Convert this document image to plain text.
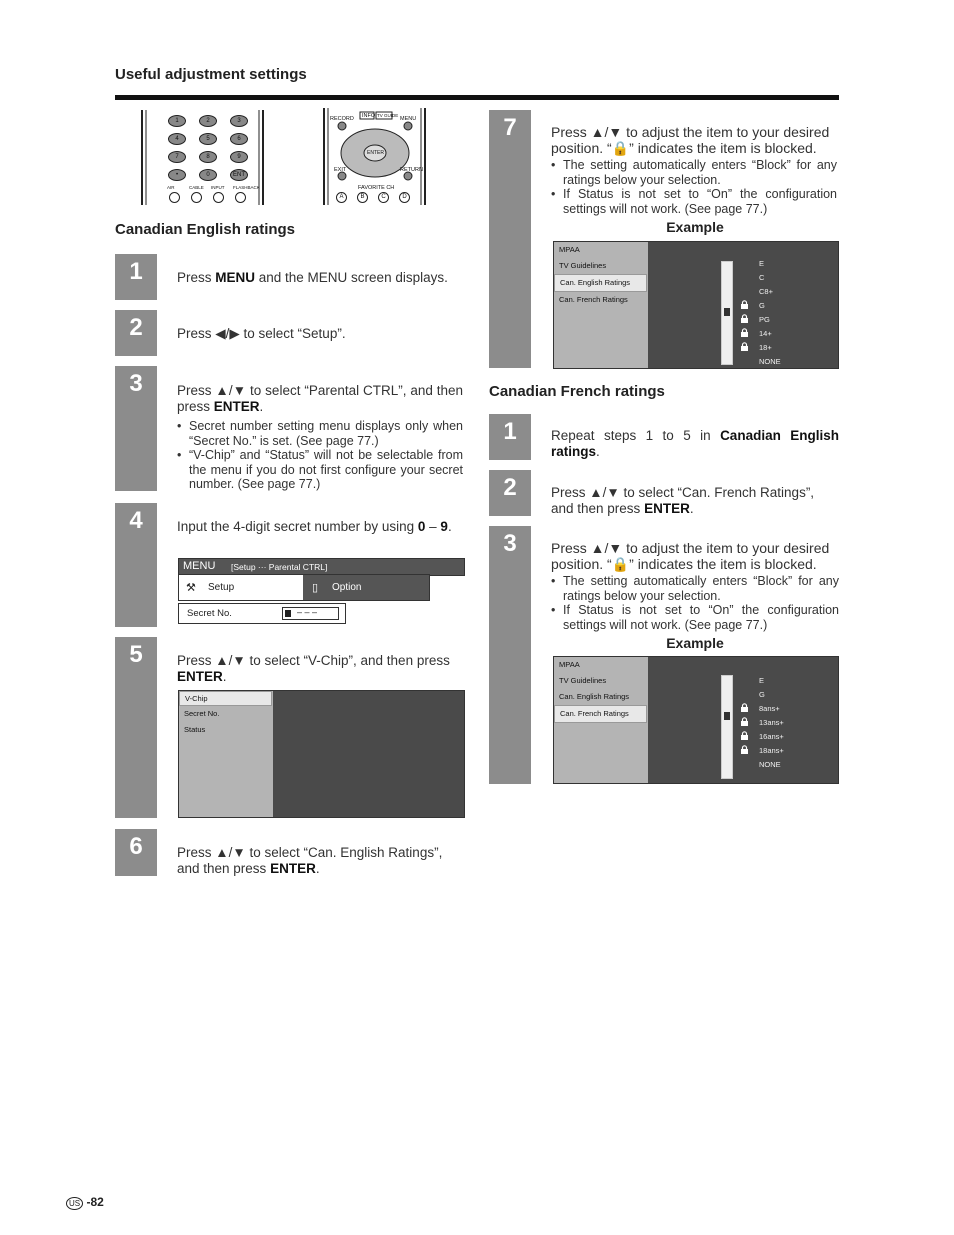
Useful adjustment settings
1	2	3
4	5	6
7	8	9
•	0	ENT
AIR	CABLE INPUT FLASHBACK
RECORD INFO TV GUIDE
MENU
ENTER
EXIT	RETURN
FAVORITE CH
A	B	C	D
Canadian English ratings
1	Press MENU and the MENU screen displays.
2	Press ◀/▶ to select “Setup”.
3	Press ▲/▼ to select “Parental CTRL”, and then press ENTER.
• Secret number setting menu displays only when “Secret No.” is set. (See page 77.)
• “V-Chip” and “Status” will not be selectable from the menu if you do not first configure your secret number. (See page 77.)
4	Input the 4-digit secret number by using 0 – 9.
MENU [Setup ··· Parental CTRL]
⚒ Setup	▯ Option
Secret No.	– – –
5	Press ▲/▼ to select “V-Chip”, and then press ENTER.
V-Chip
Secret No.
Status
6	Press ▲/▼ to select “Can. English Ratings”, and then press ENTER.
7	Press ▲/▼ to adjust the item to your desired position. “🔒” indicates the item is blocked.
• The setting automatically enters “Block” for any ratings below your selection.
• If Status is not set to “On” the configuration settings will not work. (See page 77.)
Example
MPAA
TV Guidelines
Can. English Ratings
Can. French Ratings
E
C
C8+
G
PG
14+
18+
NONE
Canadian French ratings
1	Repeat steps 1 to 5 in Canadian English ratings.
2	Press ▲/▼ to select “Can. French Ratings”, and then press ENTER.
3	Press ▲/▼ to adjust the item to your desired position. “🔒” indicates the item is blocked.
• The setting automatically enters “Block” for any ratings below your selection.
• If Status is not set to “On” the configuration settings will not work. (See page 77.)
Example
MPAA
TV Guidelines
Can. English Ratings
Can. French Ratings
E
G
8ans+
13ans+
16ans+
18ans+
NONE
US -82
